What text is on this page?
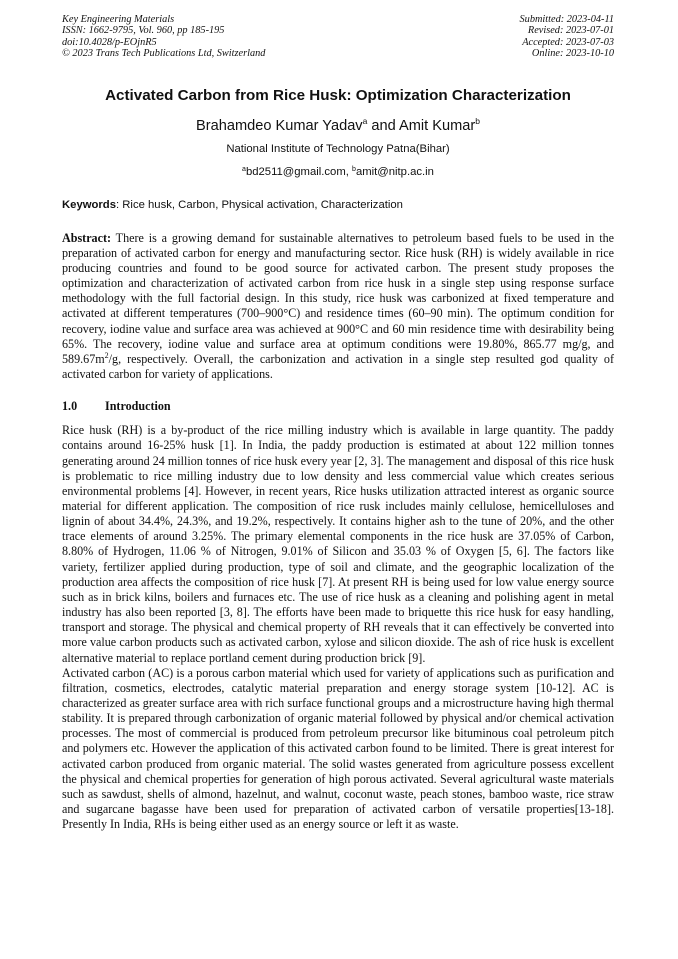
Key Engineering Materials
ISSN: 1662-9795, Vol. 960, pp 185-195
doi:10.4028/p-EOjnR5
© 2023 Trans Tech Publications Ltd, Switzerland
Submitted: 2023-04-11
Revised: 2023-07-01
Accepted: 2023-07-03
Online: 2023-10-10
Activated Carbon from Rice Husk: Optimization Characterization
Brahamdeo Kumar Yadav$^a$ and Amit Kumar$^b$
National Institute of Technology Patna(Bihar)
$^a$bd2511@gmail.com, $^b$amit@nitp.ac.in
Keywords: Rice husk, Carbon, Physical activation, Characterization
Abstract: There is a growing demand for sustainable alternatives to petroleum based fuels to be used in the preparation of activated carbon for energy and manufacturing sector. Rice husk (RH) is widely available in rice producing countries and found to be good source for activated carbon. The present study proposes the optimization and characterization of activated carbon from rice husk in a single step using response surface methodology with the full factorial design. In this study, rice husk was carbonized at fixed temperature and activated at different temperatures (700–900°C) and residence times (60–90 min). The optimum condition for recovery, iodine value and surface area was achieved at 900°C and 60 min residence time with desirability being 65%. The recovery, iodine value and surface area at optimum conditions were 19.80%, 865.77 mg/g, and $589.67m^2/g$, respectively. Overall, the carbonization and activation in a single step resulted god quality of activated carbon for variety of applications.
1.0 Introduction
Rice husk (RH) is a by-product of the rice milling industry which is available in large quantity. The paddy contains around 16-25% husk [1]. In India, the paddy production is estimated at about 122 million tonnes generating around 24 million tonnes of rice husk every year [2, 3]. The management and disposal of this rice husk is problematic to rice milling industry due to low density and less commercial value which creates serious environmental problems [4]. However, in recent years, Rice husks utilization attracted interest as organic source material for different application. The composition of rice rusk includes mainly cellulose, hemicelluloses and lignin of about 34.4%, 24.3%, and 19.2%, respectively. It contains higher ash to the tune of 20%, and the other trace elements of around 3.25%. The primary elemental components in the rice husk are 37.05% of Carbon, 8.80% of Hydrogen, 11.06 % of Nitrogen, 9.01% of Silicon and 35.03 % of Oxygen [5, 6]. The factors like variety, fertilizer applied during production, type of soil and climate, and the geographic localization of the production area affects the composition of rice husk [7]. At present RH is being used for low value energy source such as in brick kilns, boilers and furnaces etc. The use of rice husk as a cleaning and polishing agent in metal industry has also been reported [3, 8]. The efforts have been made to briquette this rice husk for easy handling, transport and storage. The physical and chemical property of RH reveals that it can effectively be converted into more value carbon products such as activated carbon, xylose and silicon dioxide. The ash of rice husk is excellent alternative material to replace portland cement during production brick [9].
Activated carbon (AC) is a porous carbon material which used for variety of applications such as purification and filtration, cosmetics, electrodes, catalytic material preparation and energy storage system [10-12]. AC is characterized as greater surface area with rich surface functional groups and a microstructure having high thermal stability. It is prepared through carbonization of organic material followed by physical and/or chemical activation processes. The most of commercial is produced from petroleum precursor like bituminous coal petroleum pitch and polymers etc. However the application of this activated carbon found to be limited. There is great interest for activated carbon produced from organic material. The solid wastes generated from agriculture possess excellent the physical and chemical properties for generation of high porous activated. Several agricultural waste materials such as sawdust, shells of almond, hazelnut, and walnut, coconut waste, peach stones, bamboo waste, rice straw and sugarcane bagasse have been used for preparation of activated carbon of versatile properties[13-18]. Presently In India, RHs is being either used as an energy source or left it as waste.
